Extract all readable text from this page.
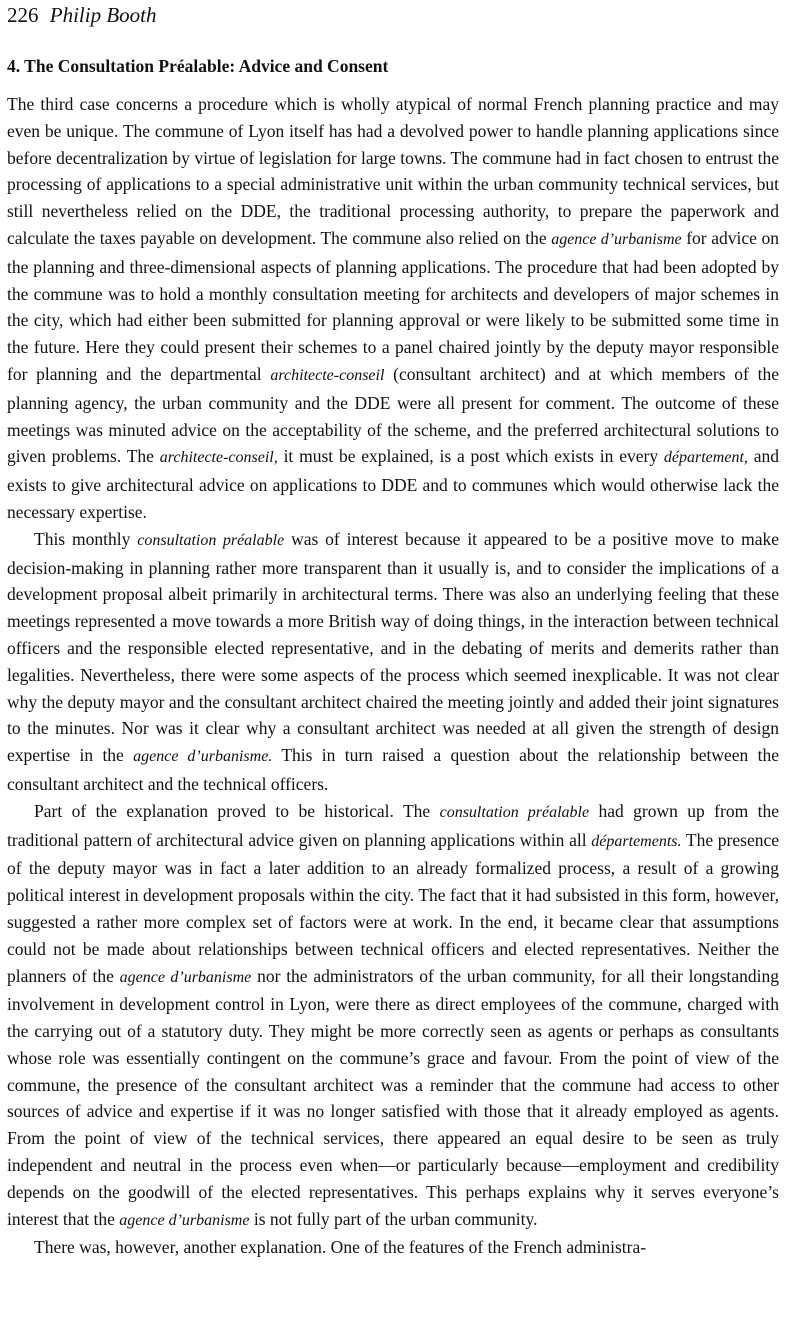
226 Philip Booth
4. The Consultation Préalable: Advice and Consent

The third case concerns a procedure which is wholly atypical of normal French planning practice and may even be unique. The commune of Lyon itself has had a devolved power to handle planning applications since before decentralization by virtue of legislation for large towns. The commune had in fact chosen to entrust the processing of applications to a special administrative unit within the urban community technical services, but still nevertheless relied on the DDE, the traditional processing authority, to prepare the paperwork and calculate the taxes payable on development. The commune also relied on the agence d’urbanisme for advice on the planning and three-dimensional aspects of planning applications. The procedure that had been adopted by the commune was to hold a monthly consultation meeting for architects and developers of major schemes in the city, which had either been submitted for planning approval or were likely to be submitted some time in the future. Here they could present their schemes to a panel chaired jointly by the deputy mayor responsible for planning and the departmental architecte-conseil (consultant architect) and at which members of the planning agency, the urban community and the DDE were all present for comment. The outcome of these meetings was minuted advice on the acceptability of the scheme, and the preferred architectural solutions to given problems. The architecte-conseil, it must be explained, is a post which exists in every département, and exists to give architectural advice on applications to DDE and to communes which would otherwise lack the necessary expertise.

This monthly consultation préalable was of interest because it appeared to be a positive move to make decision-making in planning rather more transparent than it usually is, and to consider the implications of a development proposal albeit primarily in architectural terms. There was also an underlying feeling that these meetings represented a move towards a more British way of doing things, in the interaction between technical officers and the responsible elected representative, and in the debating of merits and demerits rather than legalities. Nevertheless, there were some aspects of the process which seemed inexplicable. It was not clear why the deputy mayor and the consultant architect chaired the meeting jointly and added their joint signatures to the minutes. Nor was it clear why a consultant architect was needed at all given the strength of design expertise in the agence d’urbanisme. This in turn raised a question about the relationship between the consultant architect and the technical officers.

Part of the explanation proved to be historical. The consultation préalable had grown up from the traditional pattern of architectural advice given on planning applications within all départements. The presence of the deputy mayor was in fact a later addition to an already formalized process, a result of a growing political interest in development proposals within the city. The fact that it had subsisted in this form, however, suggested a rather more complex set of factors were at work. In the end, it became clear that assumptions could not be made about relationships between technical officers and elected representatives. Neither the planners of the agence d’urbanisme nor the administrators of the urban community, for all their longstanding involvement in development control in Lyon, were there as direct employees of the commune, charged with the carrying out of a statutory duty. They might be more correctly seen as agents or perhaps as consultants whose role was essentially contingent on the commune’s grace and favour. From the point of view of the commune, the presence of the consultant architect was a reminder that the commune had access to other sources of advice and expertise if it was no longer satisfied with those that it already employed as agents. From the point of view of the technical services, there appeared an equal desire to be seen as truly independent and neutral in the process even when—or particularly because—employment and credibility depends on the goodwill of the elected representatives. This perhaps explains why it serves everyone’s interest that the agence d’urbanisme is not fully part of the urban community.

There was, however, another explanation. One of the features of the French administra-
